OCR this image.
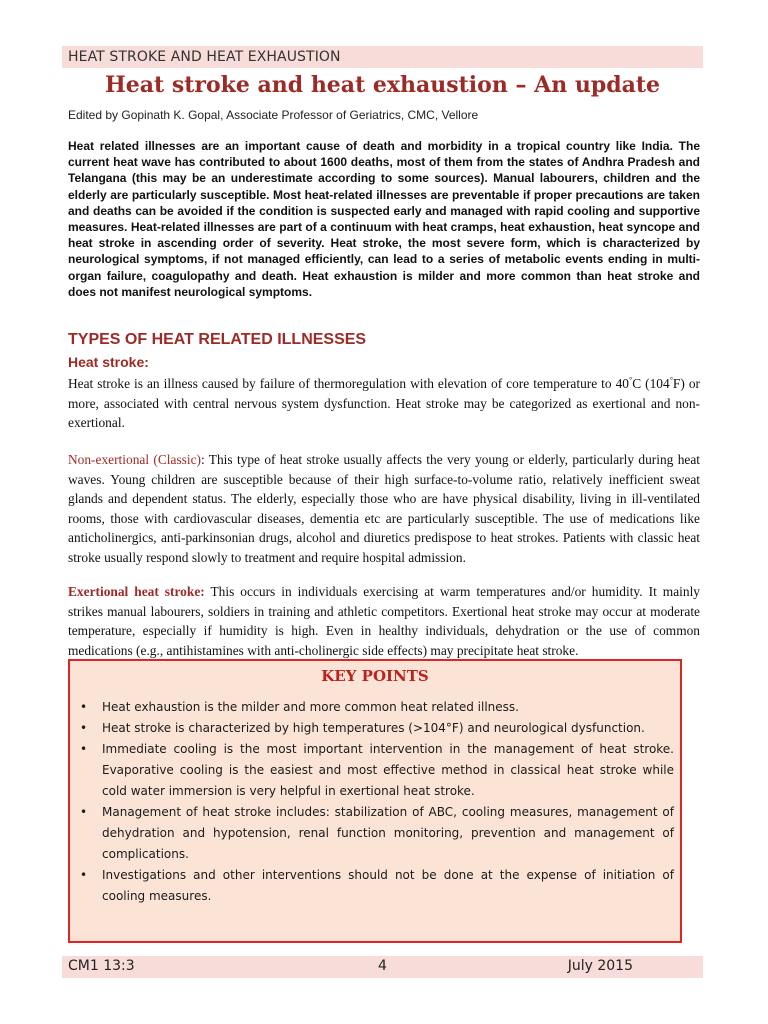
HEAT STROKE AND HEAT EXHAUSTION
Heat stroke and heat exhaustion – An update
Edited by Gopinath K. Gopal, Associate Professor of Geriatrics, CMC, Vellore

Heat related illnesses are an important cause of death and morbidity in a tropical country like India. The current heat wave has contributed to about 1600 deaths, most of them from the states of Andhra Pradesh and Telangana (this may be an underestimate according to some sources). Manual labourers, children and the elderly are particularly susceptible. Most heat-related illnesses are preventable if proper precautions are taken and deaths can be avoided if the condition is suspected early and managed with rapid cooling and supportive measures. Heat-related illnesses are part of a continuum with heat cramps, heat exhaustion, heat syncope and heat stroke in ascending order of severity. Heat stroke, the most severe form, which is characterized by neurological symptoms, if not managed efficiently, can lead to a series of metabolic events ending in multi-organ failure, coagulopathy and death. Heat exhaustion is milder and more common than heat stroke and does not manifest neurological symptoms.

TYPES OF HEAT RELATED ILLNESSES
Heat stroke:

Heat stroke is an illness caused by failure of thermoregulation with elevation of core temperature to 40°C (104°F) or more, associated with central nervous system dysfunction. Heat stroke may be categorized as exertional and non-exertional.

Non-exertional (Classic): This type of heat stroke usually affects the very young or elderly, particularly during heat waves. Young children are susceptible because of their high surface-to-volume ratio, relatively inefficient sweat glands and dependent status. The elderly, especially those who are have physical disability, living in ill-ventilated rooms, those with cardiovascular diseases, dementia etc are particularly susceptible. The use of medications like anticholinergics, anti-parkinsonian drugs, alcohol and diuretics predispose to heat strokes. Patients with classic heat stroke usually respond slowly to treatment and require hospital admission.

Exertional heat stroke: This occurs in individuals exercising at warm temperatures and/or humidity. It mainly strikes manual labourers, soldiers in training and athletic competitors. Exertional heat stroke may occur at moderate temperature, especially if humidity is high. Even in healthy individuals, dehydration or the use of common medications (e.g., antihistamines with anti-cholinergic side effects) may precipitate heat stroke.

KEY POINTS
• Heat exhaustion is the milder and more common heat related illness.
• Heat stroke is characterized by high temperatures (>104°F) and neurological dysfunction.
• Immediate cooling is the most important intervention in the management of heat stroke. Evaporative cooling is the easiest and most effective method in classical heat stroke while cold water immersion is very helpful in exertional heat stroke.
• Management of heat stroke includes: stabilization of ABC, cooling measures, management of dehydration and hypotension, renal function monitoring, prevention and management of complications.
• Investigations and other interventions should not be done at the expense of initiation of cooling measures.
CM1 13:3	4	July 2015
